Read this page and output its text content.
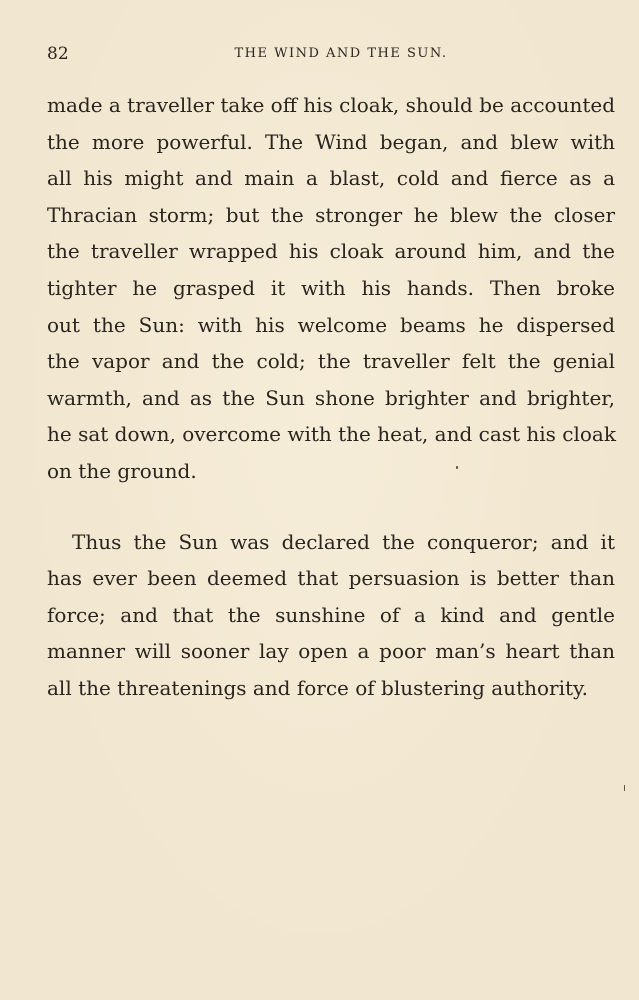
82	THE WIND AND THE SUN.

made a traveller take off his cloak, should be accounted
the more powerful. The Wind began, and blew with
all his might and main a blast, cold and fierce as a
Thracian storm; but the stronger he blew the closer
the traveller wrapped his cloak around him, and the
tighter he grasped it with his hands. Then broke
out the Sun: with his welcome beams he dispersed
the vapor and the cold; the traveller felt the genial
warmth, and as the Sun shone brighter and brighter,
he sat down, overcome with the heat, and cast his cloak
on the ground.

Thus the Sun was declared the conqueror; and it
has ever been deemed that persuasion is better than
force; and that the sunshine of a kind and gentle
manner will sooner lay open a poor man’s heart than
all the threatenings and force of blustering authority.
